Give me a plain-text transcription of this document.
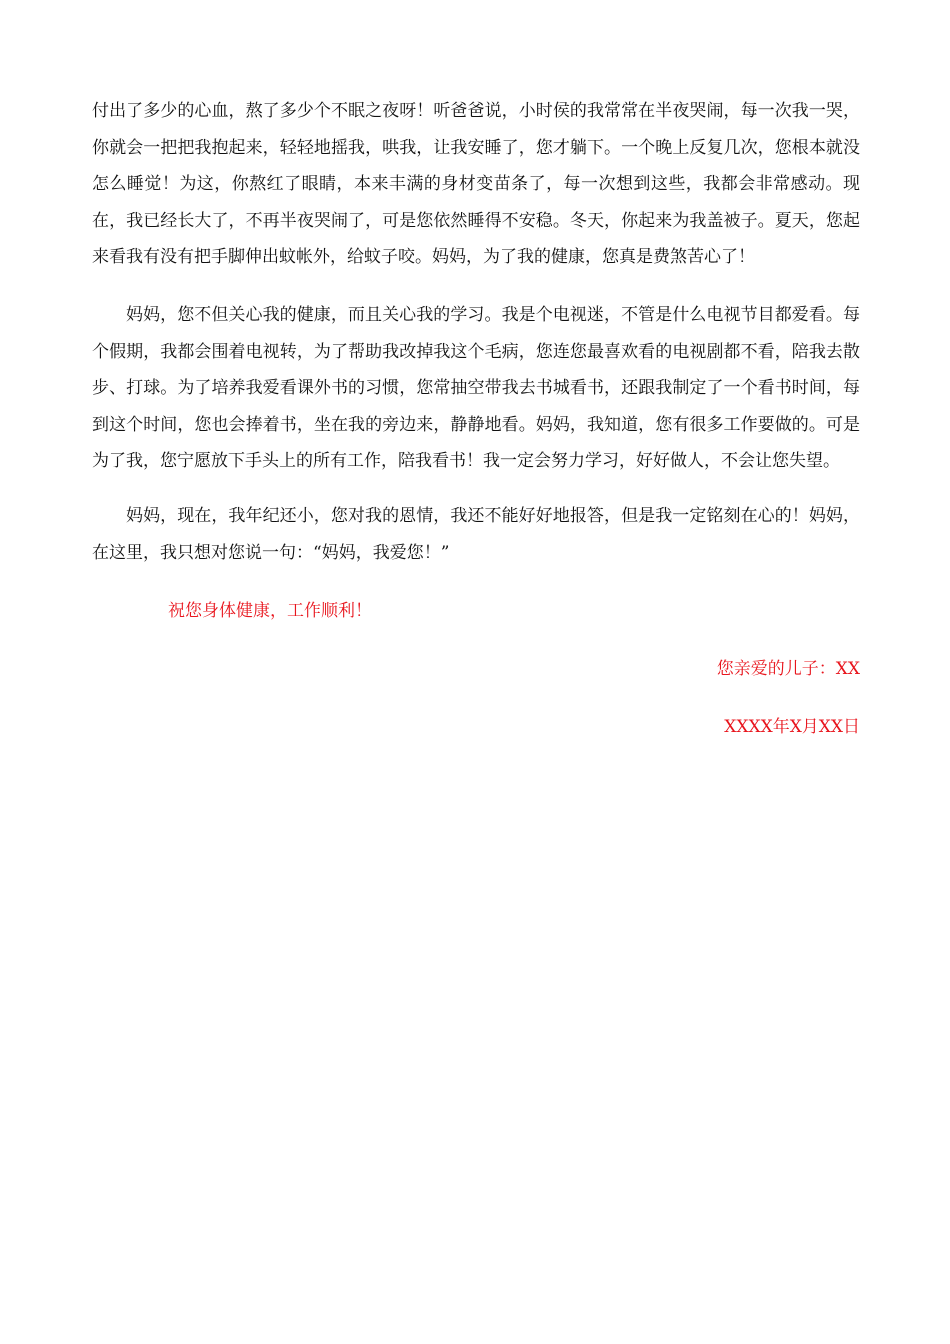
付出了多少的心血，熬了多少个不眠之夜呀！听爸爸说，小时侯的我常常在半夜哭闹，每一次我一哭，你就会一把把我抱起来，轻轻地摇我，哄我，让我安睡了，您才躺下。一个晚上反复几次，您根本就没怎么睡觉！为这，你熬红了眼睛，本来丰满的身材变苗条了，每一次想到这些，我都会非常感动。现在，我已经长大了，不再半夜哭闹了，可是您依然睡得不安稳。冬天，你起来为我盖被子。夏天，您起来看我有没有把手脚伸出蚊帐外，给蚊子咬。妈妈，为了我的健康，您真是费煞苦心了！

妈妈，您不但关心我的健康，而且关心我的学习。我是个电视迷，不管是什么电视节目都爱看。每个假期，我都会围着电视转，为了帮助我改掉我这个毛病，您连您最喜欢看的电视剧都不看，陪我去散步、打球。为了培养我爱看课外书的习惯，您常抽空带我去书城看书，还跟我制定了一个看书时间，每到这个时间，您也会捧着书，坐在我的旁边来，静静地看。妈妈，我知道，您有很多工作要做的。可是为了我，您宁愿放下手头上的所有工作，陪我看书！我一定会努力学习，好好做人，不会让您失望。

妈妈，现在，我年纪还小，您对我的恩情，我还不能好好地报答，但是我一定铭刻在心的！妈妈，在这里，我只想对您说一句：“妈妈，我爱您！”

祝您身体健康，工作顺利！

您亲爱的儿子：XX

XXXX年X月XX日
